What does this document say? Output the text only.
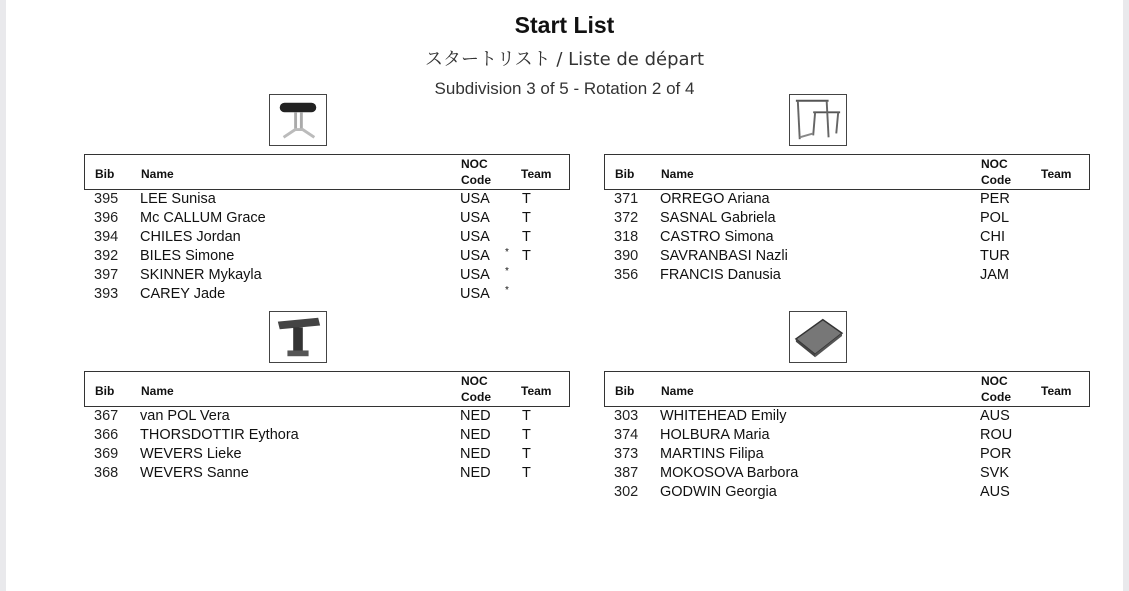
Start List
スタートリスト / Liste de départ
Subdivision 3 of 5 - Rotation 2 of 4
Bib Name
NOC
Code	Team
395 LEE Sunisa	USA T
396 Mc CALLUM Grace	USA T
394 CHILES Jordan	USA T
392 BILES Simone	USA * T
397 SKINNER Mykayla	USA *
393 CAREY Jade	USA *
Bib Name
NOC
Code	Team
371 ORREGO Ariana	PER
372 SASNAL Gabriela	POL
318 CASTRO Simona	CHI
390 SAVRANBASI Nazli	TUR
356 FRANCIS Danusia	JAM
Bib Name
NOC
Code	Team
367 van POL Vera	NED T
366 THORSDOTTIR Eythora	NED T
369 WEVERS Lieke	NED T
368 WEVERS Sanne	NED T
Bib Name
NOC
Code	Team
303 WHITEHEAD Emily	AUS
374 HOLBURA Maria	ROU
373 MARTINS Filipa	POR
387 MOKOSOVA Barbora	SVK
302 GODWIN Georgia	AUS
